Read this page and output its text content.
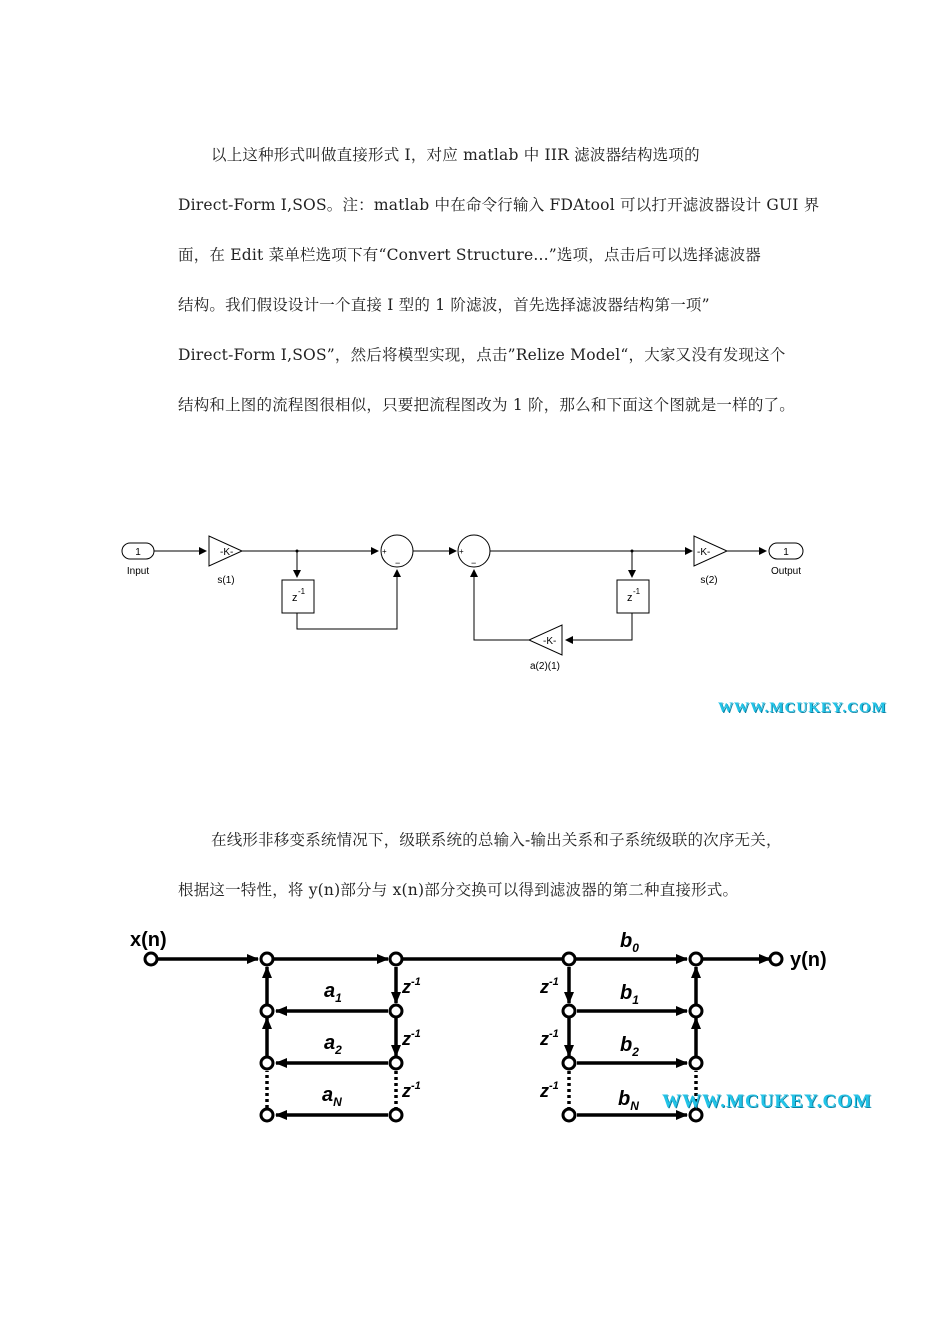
以上这种形式叫做直接形式 I，对应 matlab 中 IIR 滤波器结构选项的
Direct-Form I,SOS。注：matlab 中在命令行输入 FDAtool 可以打开滤波器设计 GUI 界
面，在 Edit 菜单栏选项下有“Convert Structure...”选项，点击后可以选择滤波器
结构。我们假设设计一个直接 I 型的 1 阶滤波，首先选择滤波器结构第一项”
Direct-Form I,SOS”，然后将模型实现，点击”Relize Model“，大家又没有发现这个
结构和上图的流程图很相似，只要把流程图改为 1 阶，那么和下面这个图就是一样的了。
1
Input
-K-
s(1)
z
-1
+
−
+
−
-K-
s(2)
1
Output
z
-1
-K-
a(2)(1)
WWW.MCUKEY.COM
在线形非移变系统情况下，级联系统的总输入-输出关系和子系统级联的次序无关，
根据这一特性，将 y(n)部分与 x(n)部分交换可以得到滤波器的第二种直接形式。
x(n)
y(n)
$a_1$
$a_2$
$a_N$
$b_0$
$b_1$
$b_2$
$b_N$
$z^{-1}$
$z^{-1}$
$z^{-1}$
$z^{-1}$
$z^{-1}$
$z^{-1}$
WWW.MCUKEY.COM
